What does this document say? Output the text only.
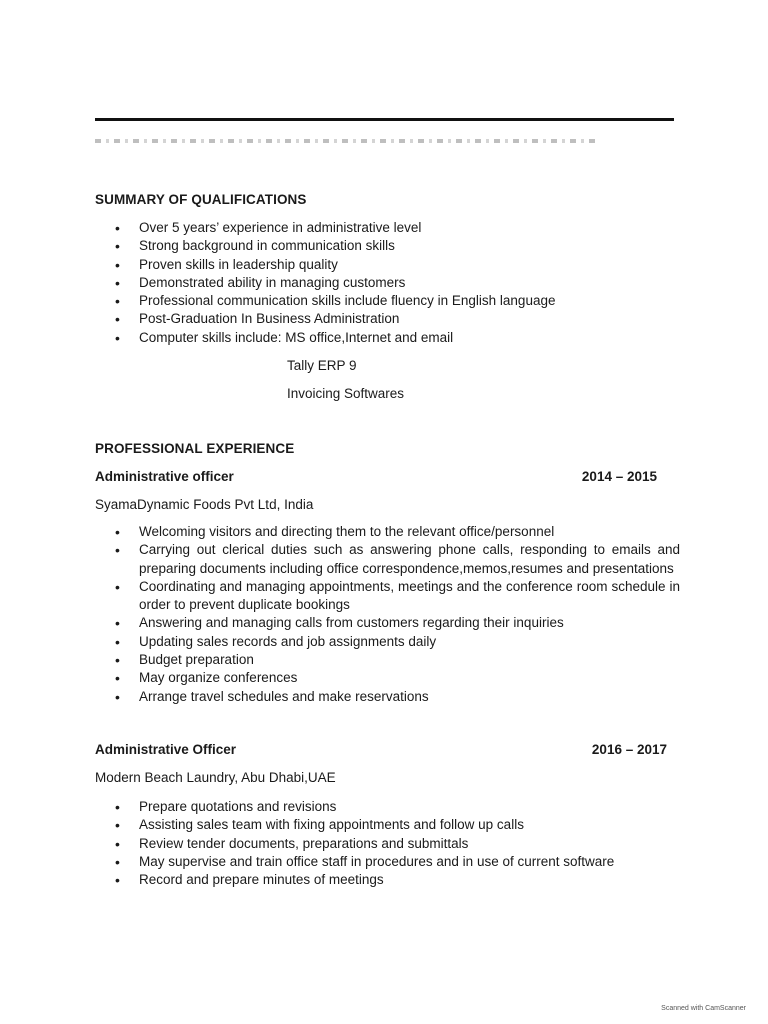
SUMMARY OF QUALIFICATIONS
• Over 5 years’ experience in administrative level
• Strong background in communication skills
• Proven skills in leadership quality
• Demonstrated ability in managing customers
• Professional communication skills include fluency in English language
• Post-Graduation In Business Administration
• Computer skills include: MS office,Internet and email
Tally ERP 9
Invoicing Softwares
PROFESSIONAL EXPERIENCE
Administrative officer	2014 – 2015
SyamaDynamic Foods Pvt Ltd, India
• Welcoming visitors and directing them to the relevant office/personnel
• Carrying out clerical duties such as answering phone calls, responding to emails and preparing documents including office correspondence,memos,resumes and presentations
• Coordinating and managing appointments, meetings and the conference room schedule in order to prevent duplicate bookings
• Answering and managing calls from customers regarding their inquiries
• Updating sales records and job assignments daily
• Budget preparation
• May organize conferences
• Arrange travel schedules and make reservations
Administrative Officer	2016 – 2017
Modern Beach Laundry, Abu Dhabi,UAE
• Prepare quotations and revisions
• Assisting sales team with fixing appointments and follow up calls
• Review tender documents, preparations and submittals
• May supervise and train office staff in procedures and in use of current software
• Record and prepare minutes of meetings
Scanned with CamScanner
